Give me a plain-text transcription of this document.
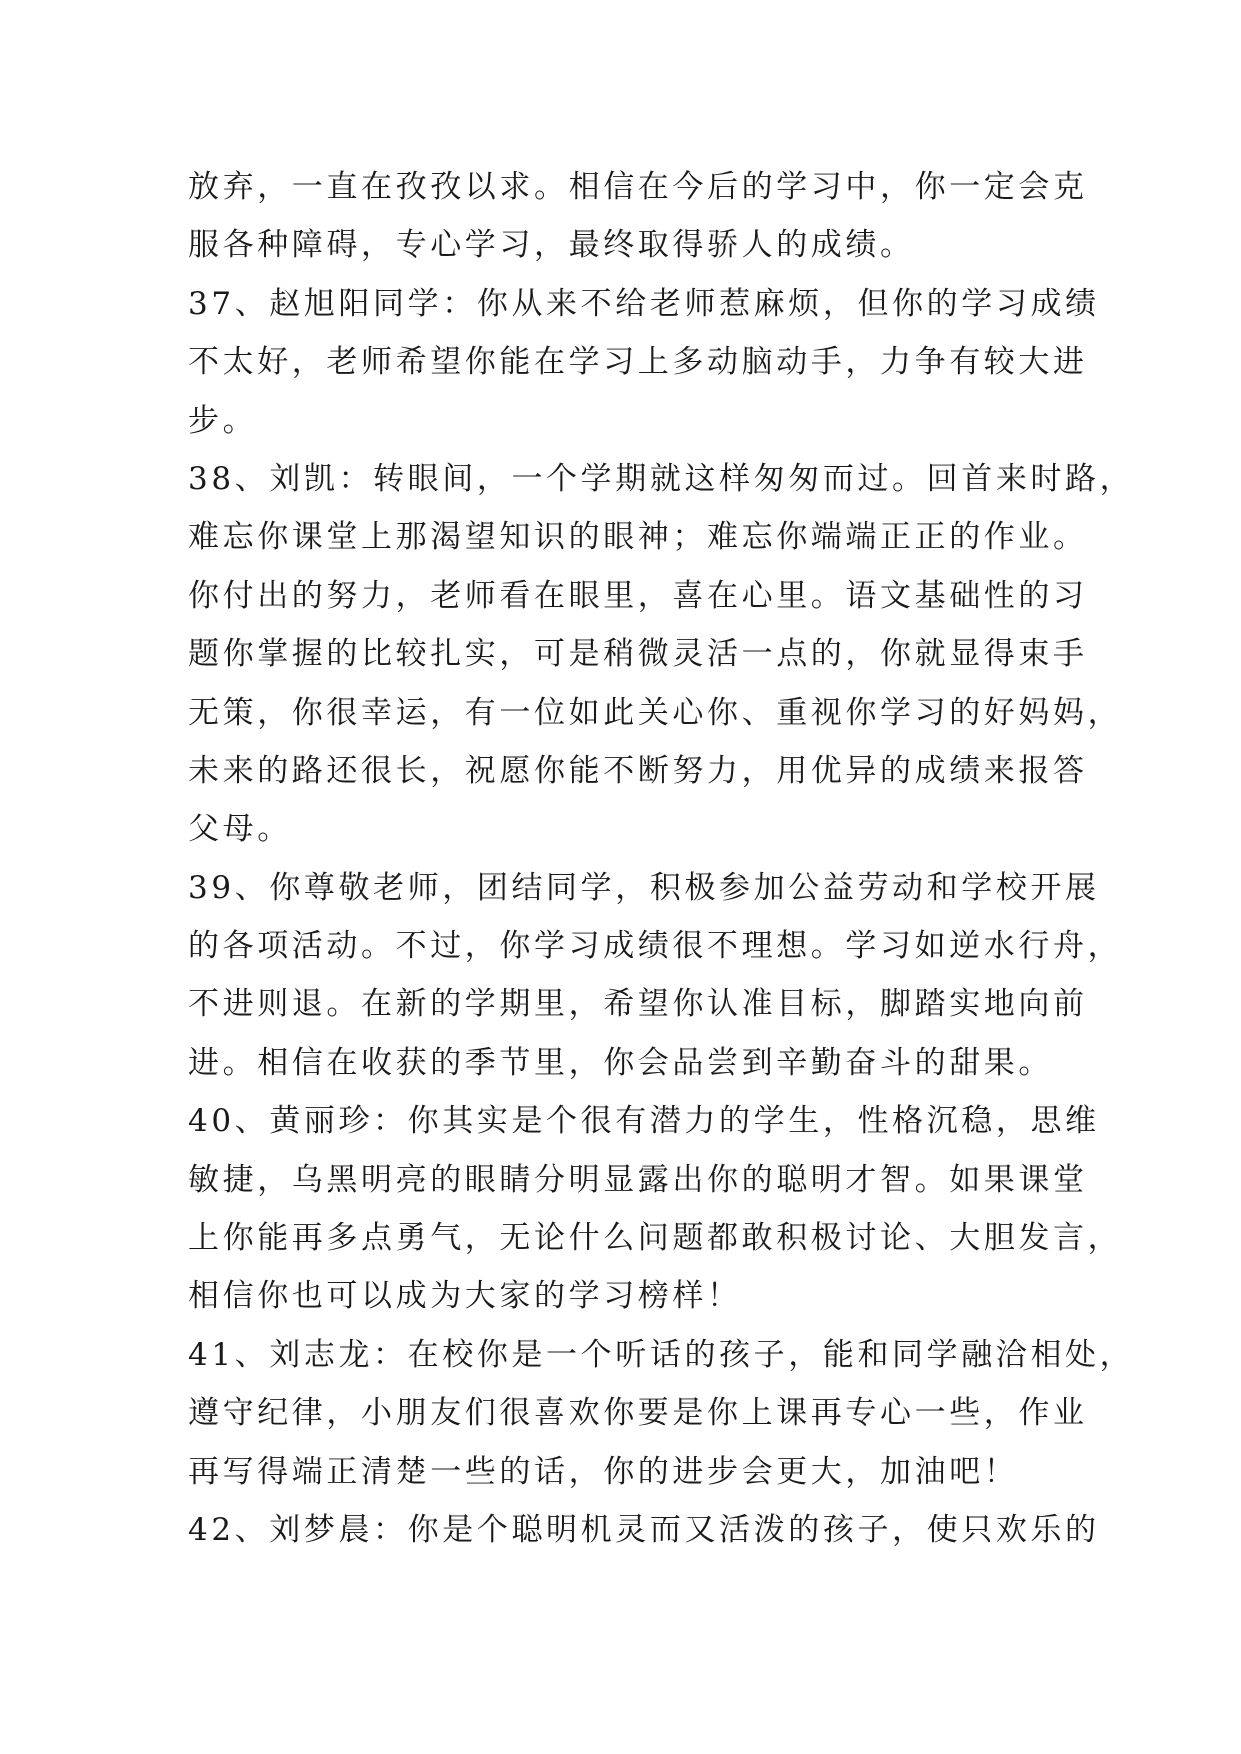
放弃，一直在孜孜以求。相信在今后的学习中，你一定会克
服各种障碍，专心学习，最终取得骄人的成绩。
37、赵旭阳同学：你从来不给老师惹麻烦，但你的学习成绩
不太好，老师希望你能在学习上多动脑动手，力争有较大进
步。
38、刘凯：转眼间，一个学期就这样匆匆而过。回首来时路，
难忘你课堂上那渴望知识的眼神；难忘你端端正正的作业。
你付出的努力，老师看在眼里，喜在心里。语文基础性的习
题你掌握的比较扎实，可是稍微灵活一点的，你就显得束手
无策，你很幸运，有一位如此关心你、重视你学习的好妈妈，
未来的路还很长，祝愿你能不断努力，用优异的成绩来报答
父母。
39、你尊敬老师，团结同学，积极参加公益劳动和学校开展
的各项活动。不过，你学习成绩很不理想。学习如逆水行舟，
不进则退。在新的学期里，希望你认准目标，脚踏实地向前
进。相信在收获的季节里，你会品尝到辛勤奋斗的甜果。
40、黄丽珍：你其实是个很有潜力的学生，性格沉稳，思维
敏捷，乌黑明亮的眼睛分明显露出你的聪明才智。如果课堂
上你能再多点勇气，无论什么问题都敢积极讨论、大胆发言，
相信你也可以成为大家的学习榜样！
41、刘志龙：在校你是一个听话的孩子，能和同学融洽相处，
遵守纪律，小朋友们很喜欢你要是你上课再专心一些，作业
再写得端正清楚一些的话，你的进步会更大，加油吧！
42、刘梦晨：你是个聪明机灵而又活泼的孩子，使只欢乐的
